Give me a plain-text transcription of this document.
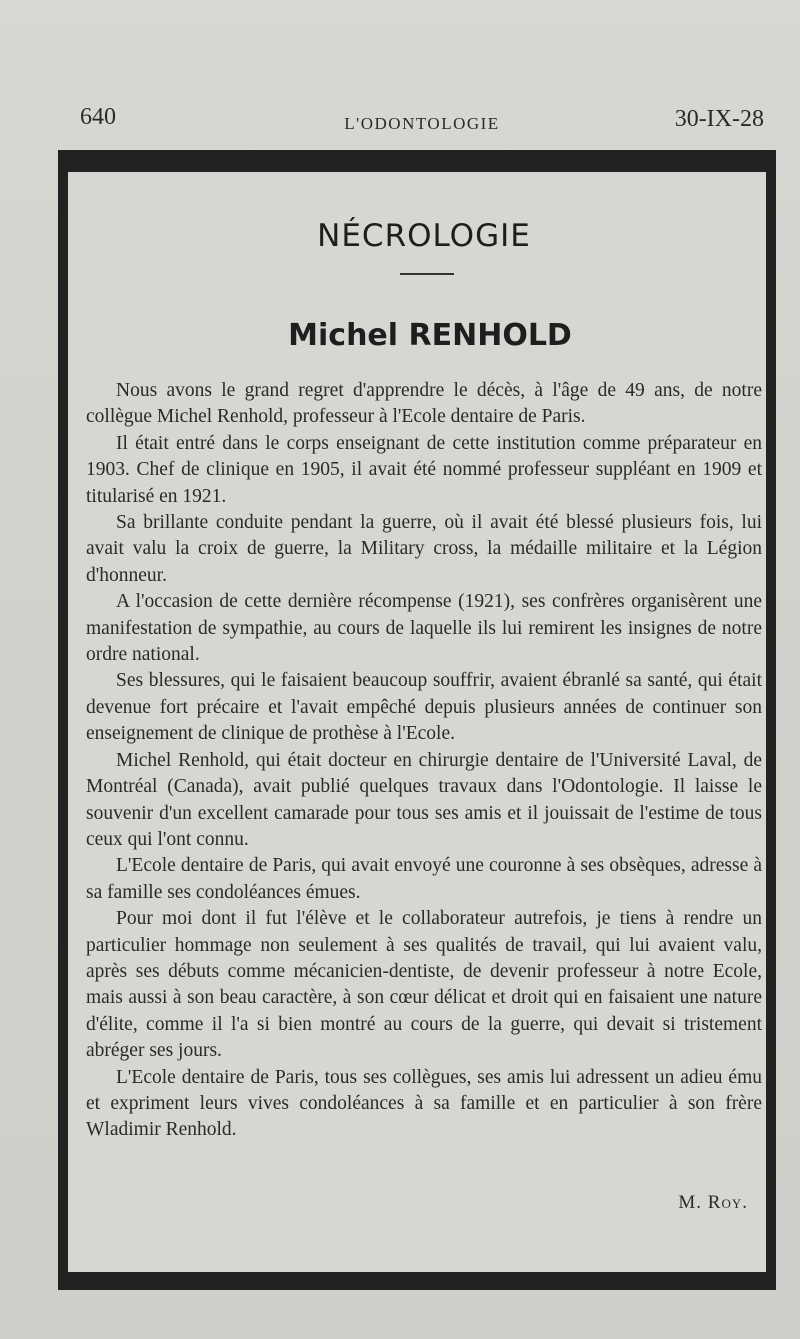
640	L'ODONTOLOGIE	30-IX-28
NÉCROLOGIE
Michel RENHOLD

Nous avons le grand regret d'apprendre le décès, à l'âge de 49 ans, de notre collègue Michel Renhold, professeur à l'Ecole dentaire de Paris.

Il était entré dans le corps enseignant de cette institution comme préparateur en 1903. Chef de clinique en 1905, il avait été nommé professeur suppléant en 1909 et titularisé en 1921.

Sa brillante conduite pendant la guerre, où il avait été blessé plusieurs fois, lui avait valu la croix de guerre, la Military cross, la médaille militaire et la Légion d'honneur.

A l'occasion de cette dernière récompense (1921), ses confrères organisèrent une manifestation de sympathie, au cours de laquelle ils lui remirent les insignes de notre ordre national.

Ses blessures, qui le faisaient beaucoup souffrir, avaient ébranlé sa santé, qui était devenue fort précaire et l'avait empêché depuis plusieurs années de continuer son enseignement de clinique de prothèse à l'Ecole.

Michel Renhold, qui était docteur en chirurgie dentaire de l'Université Laval, de Montréal (Canada), avait publié quelques travaux dans l'Odontologie. Il laisse le souvenir d'un excellent camarade pour tous ses amis et il jouissait de l'estime de tous ceux qui l'ont connu.

L'Ecole dentaire de Paris, qui avait envoyé une couronne à ses obsèques, adresse à sa famille ses condoléances émues.

Pour moi dont il fut l'élève et le collaborateur autrefois, je tiens à rendre un particulier hommage non seulement à ses qualités de travail, qui lui avaient valu, après ses débuts comme mécanicien-dentiste, de devenir professeur à notre Ecole, mais aussi à son beau caractère, à son cœur délicat et droit qui en faisaient une nature d'élite, comme il l'a si bien montré au cours de la guerre, qui devait si tristement abréger ses jours.

L'Ecole dentaire de Paris, tous ses collègues, ses amis lui adressent un adieu ému et expriment leurs vives condoléances à sa famille et en particulier à son frère Wladimir Renhold.

M. Roy.
